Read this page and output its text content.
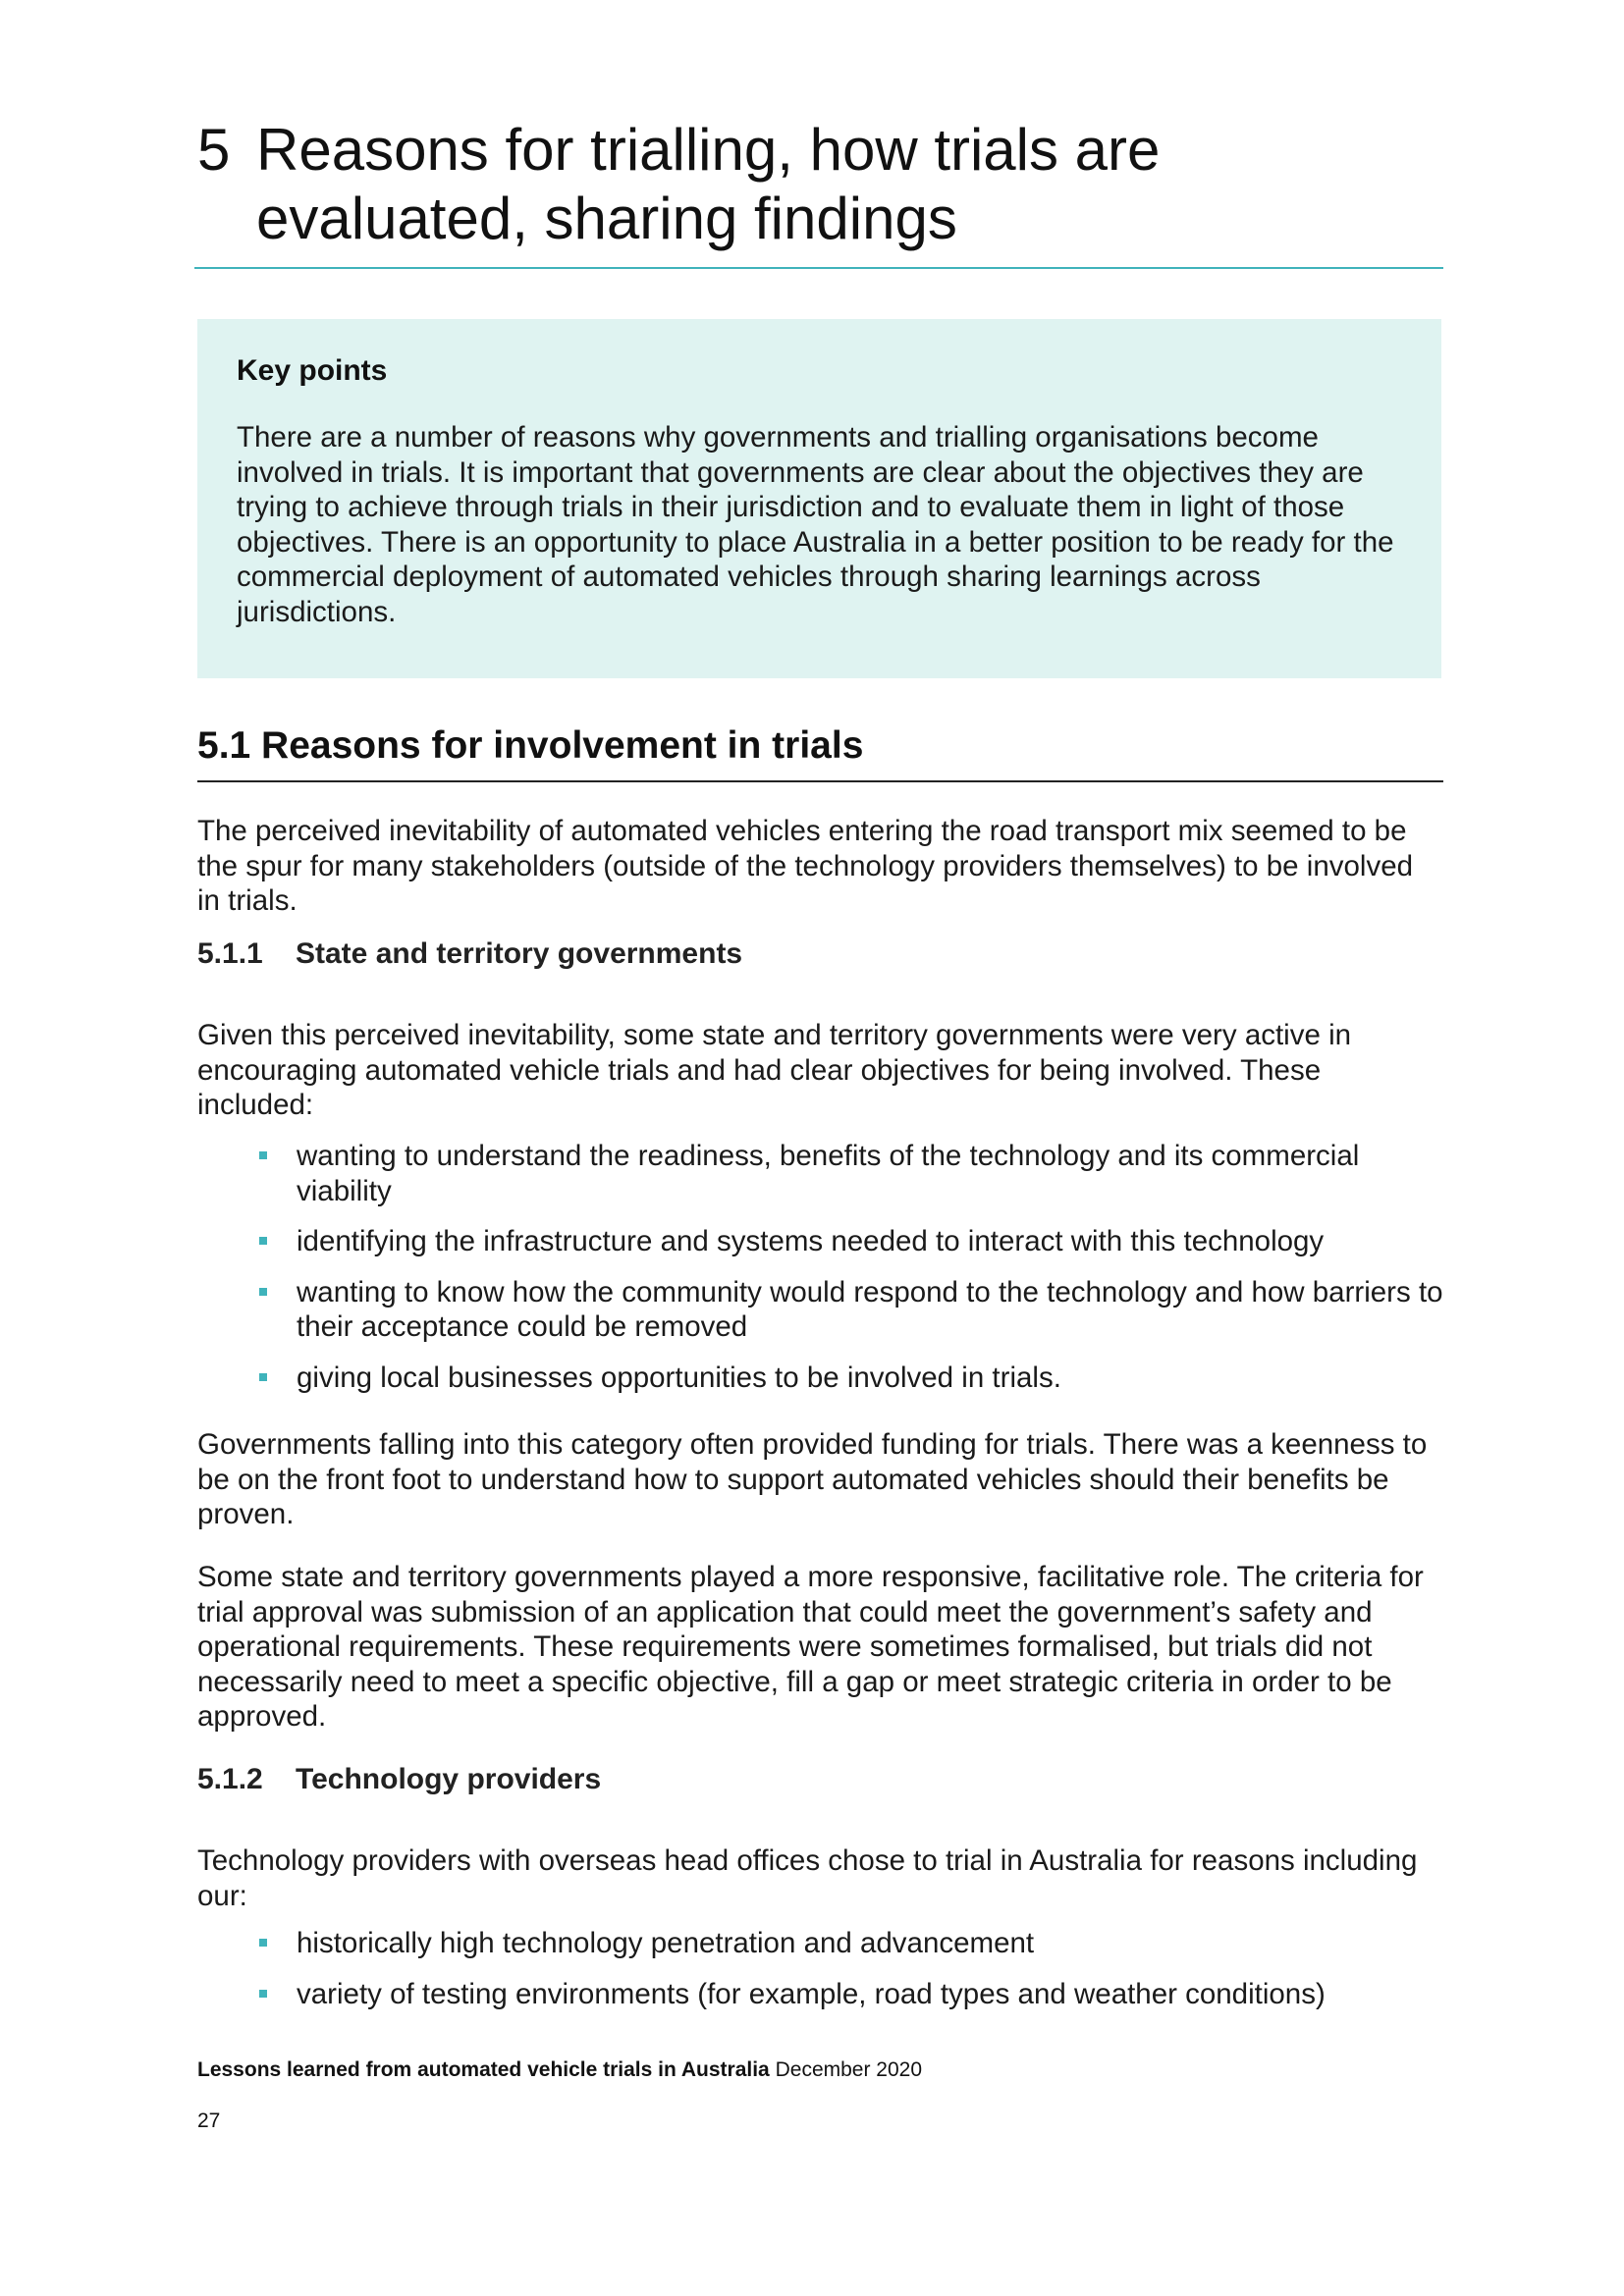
5 Reasons for trialling, how trials are
evaluated, sharing findings
Key points
There are a number of reasons why governments and trialling organisations become involved in trials. It is important that governments are clear about the objectives they are trying to achieve through trials in their jurisdiction and to evaluate them in light of those objectives. There is an opportunity to place Australia in a better position to be ready for the commercial deployment of automated vehicles through sharing learnings across jurisdictions.
5.1 Reasons for involvement in trials
The perceived inevitability of automated vehicles entering the road transport mix seemed to be the spur for many stakeholders (outside of the technology providers themselves) to be involved in trials.
5.1.1 State and territory governments
Given this perceived inevitability, some state and territory governments were very active in encouraging automated vehicle trials and had clear objectives for being involved. These included:
wanting to understand the readiness, benefits of the technology and its commercial viability
identifying the infrastructure and systems needed to interact with this technology
wanting to know how the community would respond to the technology and how barriers to their acceptance could be removed
giving local businesses opportunities to be involved in trials.
Governments falling into this category often provided funding for trials. There was a keenness to be on the front foot to understand how to support automated vehicles should their benefits be proven.
Some state and territory governments played a more responsive, facilitative role. The criteria for trial approval was submission of an application that could meet the government’s safety and operational requirements. These requirements were sometimes formalised, but trials did not necessarily need to meet a specific objective, fill a gap or meet strategic criteria in order to be approved.
5.1.2 Technology providers
Technology providers with overseas head offices chose to trial in Australia for reasons including our:
historically high technology penetration and advancement
variety of testing environments (for example, road types and weather conditions)
Lessons learned from automated vehicle trials in Australia December 2020
27
